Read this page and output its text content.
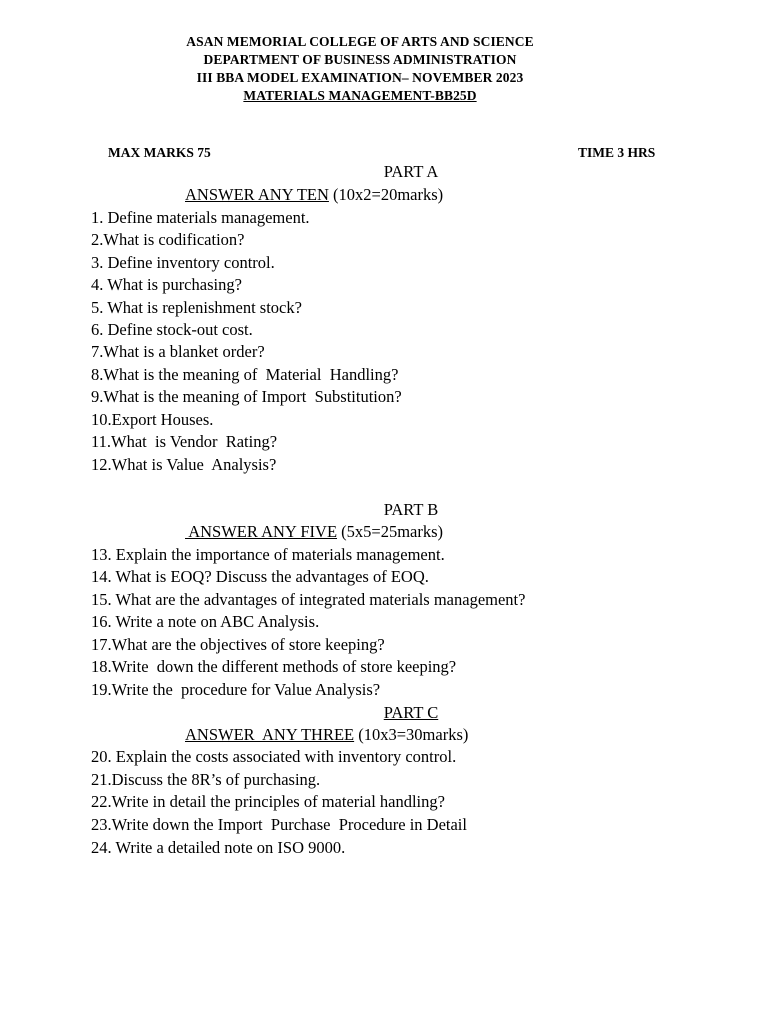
ASAN MEMORIAL COLLEGE OF ARTS AND SCIENCE
DEPARTMENT OF BUSINESS ADMINISTRATION
III BBA MODEL EXAMINATION– NOVEMBER 2023
MATERIALS MANAGEMENT-BB25D
MAX MARKS 75	TIME 3 HRS
PART A
ANSWER ANY TEN (10x2=20marks)
1. Define materials management.
2.What is codification?
3. Define inventory control.
4. What is purchasing?
5. What is replenishment stock?
6. Define stock-out cost.
7.What is a blanket order?
8.What is the meaning of  Material  Handling?
9.What is the meaning of Import  Substitution?
10.Export Houses.
11.What  is Vendor  Rating?
12.What is Value  Analysis?
PART B
ANSWER ANY FIVE (5x5=25marks)
13. Explain the importance of materials management.
14. What is EOQ? Discuss the advantages of EOQ.
15. What are the advantages of integrated materials management?
16. Write a note on ABC Analysis.
17.What are the objectives of store keeping?
18.Write  down the different methods of store keeping?
19.Write the  procedure for Value Analysis?
PART C
ANSWER  ANY THREE (10x3=30marks)
20. Explain the costs associated with inventory control.
21.Discuss the 8R’s of purchasing.
22.Write in detail the principles of material handling?
23.Write down the Import  Purchase  Procedure in Detail
24. Write a detailed note on ISO 9000.
